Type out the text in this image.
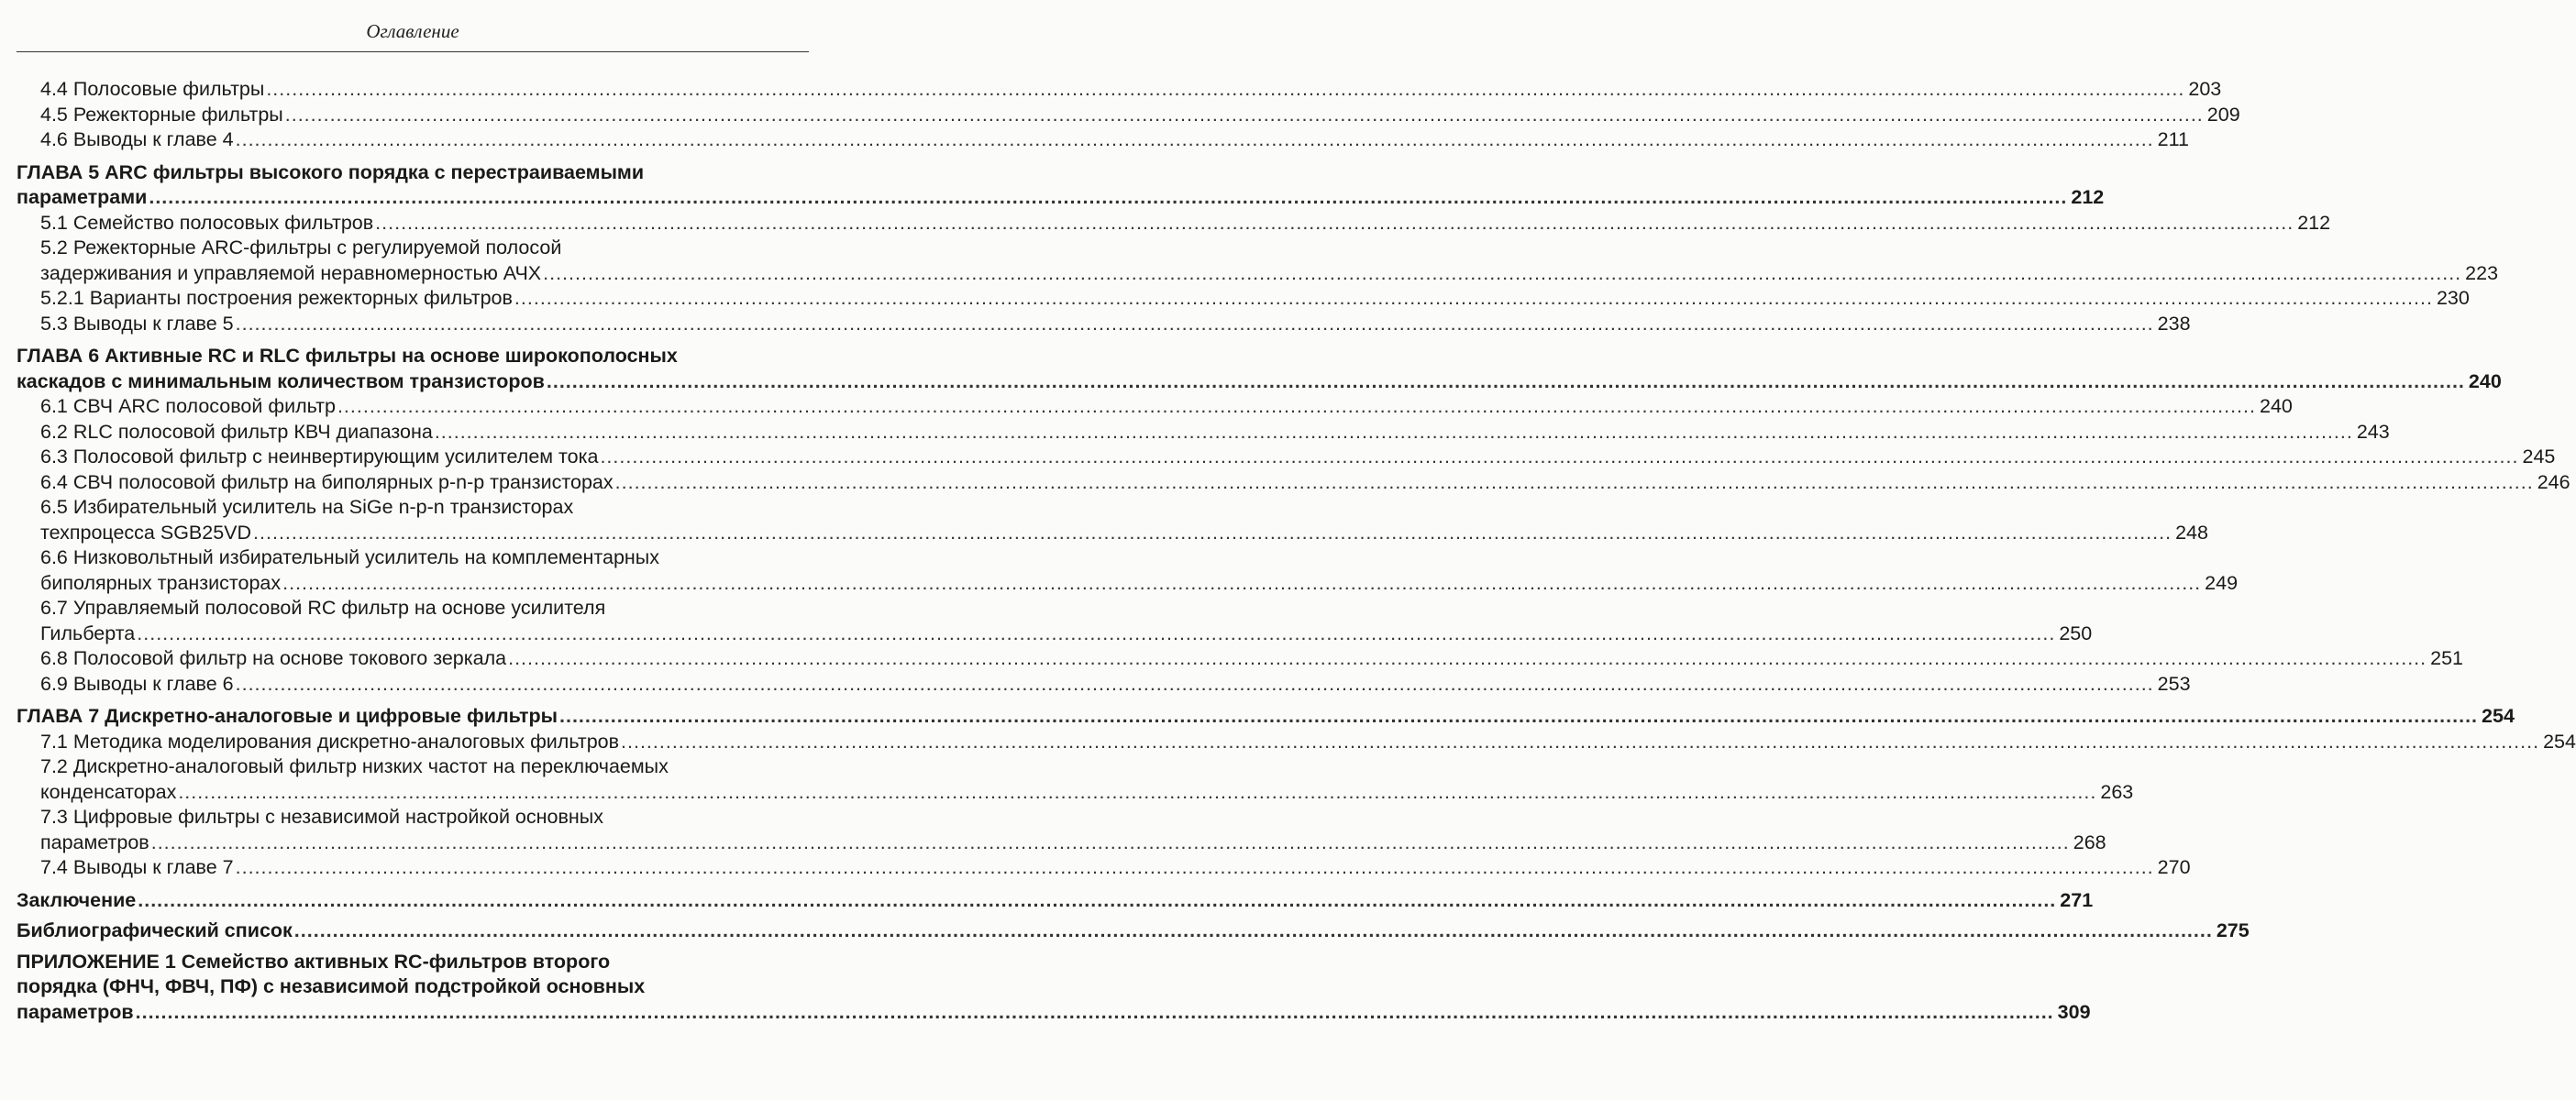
Оглавление
4.4 Полосовые фильтры ............................................................................................................................................................................................................................................................................................................ 203
4.5 Режекторные фильтры ............................................................................................................................................................................................................................................................................................................ 209
4.6 Выводы к главе 4 ............................................................................................................................................................................................................................................................................................................ 211
ГЛАВА 5 ARC фильтры высокого порядка с перестраиваемыми
параметрами ............................................................................................................................................................................................................................................................................................................ 212
5.1 Семейство полосовых фильтров ............................................................................................................................................................................................................................................................................................................ 212
5.2 Режекторные ARC-фильтры с регулируемой полосой
задерживания и управляемой неравномерностью АЧХ ............................................................................................................................................................................................................................................................................................................ 223
5.2.1 Варианты построения режекторных фильтров ............................................................................................................................................................................................................................................................................................................ 230
5.3 Выводы к главе 5 ............................................................................................................................................................................................................................................................................................................ 238
ГЛАВА 6 Активные RC и RLC фильтры на основе широкополосных
каскадов с минимальным количеством транзисторов ............................................................................................................................................................................................................................................................................................................ 240
6.1 СВЧ ARC полосовой фильтр ............................................................................................................................................................................................................................................................................................................ 240
6.2 RLC полосовой фильтр КВЧ диапазона ............................................................................................................................................................................................................................................................................................................ 243
6.3 Полосовой фильтр с неинвертирующим усилителем тока ............................................................................................................................................................................................................................................................................................................ 245
6.4 СВЧ полосовой фильтр на биполярных p-n-p транзисторах ............................................................................................................................................................................................................................................................................................................ 246
6.5 Избирательный усилитель на SiGe n-p-n транзисторах
техпроцесса SGB25VD ............................................................................................................................................................................................................................................................................................................ 248
6.6 Низковольтный избирательный усилитель на комплементарных
биполярных транзисторах ............................................................................................................................................................................................................................................................................................................ 249
6.7 Управляемый полосовой RC фильтр на основе усилителя
Гильберта ............................................................................................................................................................................................................................................................................................................ 250
6.8 Полосовой фильтр на основе токового зеркала ............................................................................................................................................................................................................................................................................................................ 251
6.9 Выводы к главе 6 ............................................................................................................................................................................................................................................................................................................ 253
ГЛАВА 7 Дискретно-аналоговые и цифровые фильтры ............................................................................................................................................................................................................................................................................................................ 254
7.1 Методика моделирования дискретно-аналоговых фильтров ............................................................................................................................................................................................................................................................................................................ 254
7.2 Дискретно-аналоговый фильтр низких частот на переключаемых
конденсаторах ............................................................................................................................................................................................................................................................................................................ 263
7.3 Цифровые фильтры с независимой настройкой основных
параметров ............................................................................................................................................................................................................................................................................................................ 268
7.4 Выводы к главе 7 ............................................................................................................................................................................................................................................................................................................ 270
Заключение ............................................................................................................................................................................................................................................................................................................ 271
Библиографический список ............................................................................................................................................................................................................................................................................................................ 275
ПРИЛОЖЕНИЕ 1 Семейство активных RC-фильтров второго
порядка (ФНЧ, ФВЧ, ПФ) с независимой подстройкой основных
параметров ............................................................................................................................................................................................................................................................................................................ 309
